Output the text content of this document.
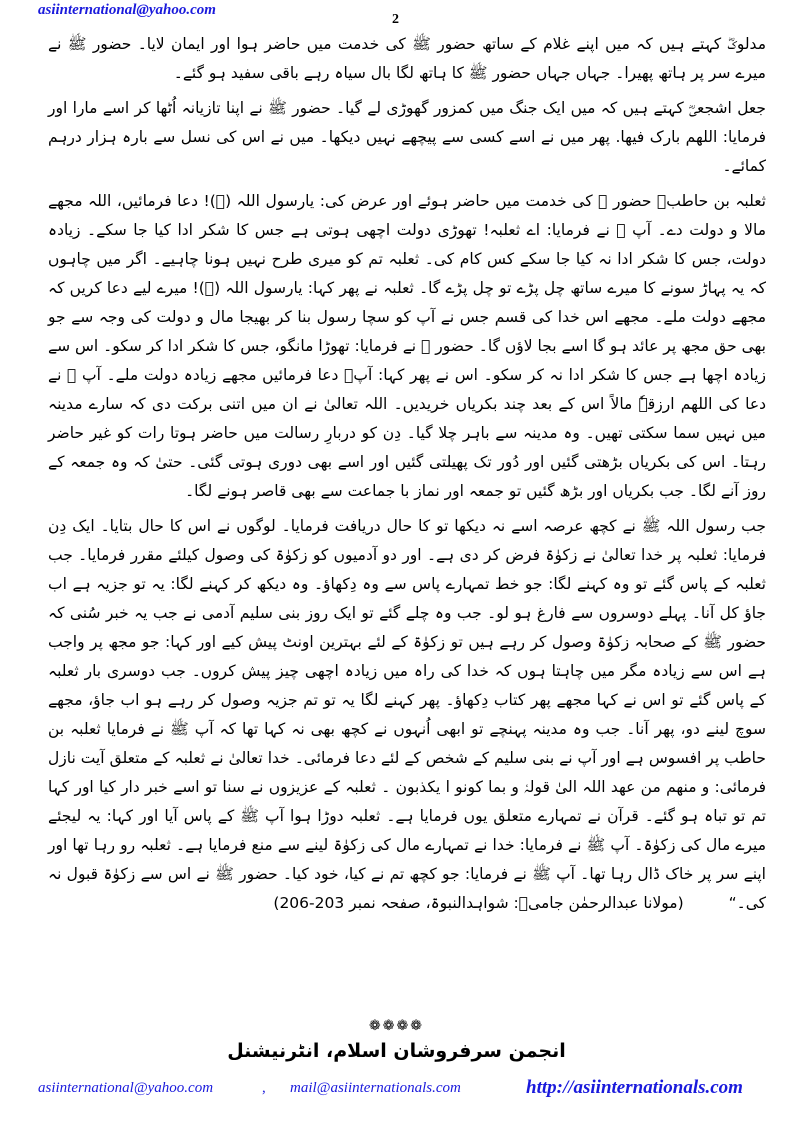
asiinternational@yahoo.com
2

مدلوکؓ کہتے ہیں کہ میں اپنے غلام کے ساتھ حضور ﷺ کی خدمت میں حاضر ہوا اور ایمان لایا۔ حضور ﷺ نے میرے سر پر ہاتھ پھیرا۔ جہاں جہاں حضور ﷺ کا ہاتھ لگا بال سیاہ رہے باقی سفید ہو گئے۔

جعل اشجعیؓ کہتے ہیں کہ میں ایک جنگ میں کمزور گھوڑی لے گیا۔ حضور ﷺ نے اپنا تازیانہ اُٹھا کر اسے مارا اور فرمایا: اللھم بارک فیھا. پھر میں نے اسے کسی سے پیچھے نہیں دیکھا۔ میں نے اس کی نسل سے بارہ ہزار درہم کمائے۔

ثعلبہ بن حاطبؓ حضور ﷺ کی خدمت میں حاضر ہوئے اور عرض کی: یارسول اللہ (ﷺ)! دعا فرمائیں، اللہ مجھے مالا و دولت دے۔ آپ ﷺ نے فرمایا: اے ثعلبہ! تھوڑی دولت اچھی ہوتی ہے جس کا شکر ادا کیا جا سکے۔ زیادہ دولت، جس کا شکر ادا نہ کیا جا سکے کس کام کی۔ ثعلبہ تم کو میری طرح نہیں ہونا چاہیے۔ اگر میں چاہوں کہ یہ پہاڑ سونے کا میرے ساتھ چل پڑے تو چل پڑے گا۔ ثعلبہ نے پھر کہا: یارسول اللہ (ﷺ)! میرے لیے دعا کریں کہ مجھے دولت ملے۔ مجھے اس خدا کی قسم جس نے آپ کو سچا رسول بنا کر بھیجا مال و دولت کی وجہ سے جو بھی حق مجھ پر عائد ہو گا اسے بجا لاؤں گا۔ حضور ﷺ نے فرمایا: تھوڑا مانگو، جس کا شکر ادا کر سکو۔ اس سے زیادہ اچھا ہے جس کا شکر ادا نہ کر سکو۔ اس نے پھر کہا: آپؐ دعا فرمائیں مجھے زیادہ دولت ملے۔ آپ ﷺ نے دعا کی اللھم ارزقہٗ مالاً اس کے بعد چند بکریاں خریدیں۔ اللہ تعالیٰ نے ان میں اتنی برکت دی کہ سارے مدینہ میں نہیں سما سکتی تھیں۔ وہ مدینہ سے باہر چلا گیا۔ دِن کو دربارِ رسالت میں حاضر ہوتا رات کو غیر حاضر رہتا۔ اس کی بکریاں بڑھتی گئیں اور دُور تک پھیلتی گئیں اور اسے بھی دوری ہوتی گئی۔ حتیٰ کہ وہ جمعہ کے روز آنے لگا۔ جب بکریاں اور بڑھ گئیں تو جمعہ اور نماز با جماعت سے بھی قاصر ہونے لگا۔

جب رسول اللہ ﷺ نے کچھ عرصہ اسے نہ دیکھا تو کا حال دریافت فرمایا۔ لوگوں نے اس کا حال بتایا۔ ایک دِن فرمایا: ثعلبہ پر خدا تعالیٰ نے زکوٰۃ فرض کر دی ہے۔ اور دو آدمیوں کو زکوٰۃ کی وصول کیلئے مقرر فرمایا۔ جب ثعلبہ کے پاس گئے تو وہ کہنے لگا: جو خط تمہارے پاس سے وہ دِکھاؤ۔ وہ دیکھ کر کہنے لگا: یہ تو جزیہ ہے اب جاؤ کل آنا۔ پہلے دوسروں سے فارغ ہو لو۔ جب وہ چلے گئے تو ایک روز بنی سلیم آدمی نے جب یہ خبر سُنی کہ حضور ﷺ کے صحابہ زکوٰۃ وصول کر رہے ہیں تو زکوٰۃ کے لئے بہترین اونٹ پیش کیے اور کہا: جو مجھ پر واجب ہے اس سے زیادہ مگر میں چاہتا ہوں کہ خدا کی راہ میں زیادہ اچھی چیز پیش کروں۔ جب دوسری بار ثعلبہ کے پاس گئے تو اس نے کہا مجھے پھر کتاب دِکھاؤ۔ پھر کہنے لگا یہ تو تم جزیہ وصول کر رہے ہو اب جاؤ، مجھے سوچ لینے دو، پھر آنا۔ جب وہ مدینہ پہنچے تو ابھی اُنہوں نے کچھ بھی نہ کہا تھا کہ آپ ﷺ نے فرمایا ثعلبہ بن حاطب پر افسوس ہے اور آپ نے بنی سلیم کے شخص کے لئے دعا فرمائی۔ خدا تعالیٰ نے ثعلبہ کے متعلق آیت نازل فرمائی: و منھم من عھد اللہ الیٰ قولہٗ و بما کونو ا یکذبون ۔ ثعلبہ کے عزیزوں نے سنا تو اسے خبر دار کیا اور کہا تم تو تباہ ہو گئے۔ قرآن نے تمہارے متعلق یوں فرمایا ہے۔ ثعلبہ دوڑا ہوا آپ ﷺ کے پاس آیا اور کہا: یہ لیجئے میرے مال کی زکوٰۃ۔ آپ ﷺ نے فرمایا: خدا نے تمہارے مال کی زکوٰۃ لینے سے منع فرمایا ہے۔ ثعلبہ رو رہا تھا اور اپنے سر پر خاک ڈال رہا تھا۔ آپ ﷺ نے فرمایا: جو کچھ تم نے کیا، خود کیا۔ حضور ﷺ نے اس سے زکوٰۃ قبول نہ کی۔“ (مولانا عبدالرحمٰن جامیؒ: شواہدالنبوۃ، صفحہ نمبر 203-206)

❁❁❁❁
انجمن سرفروشان اسلام، انٹرنیشنل
asiinternational@yahoo.com	, mail@asiinternationals.com	http://asiinternationals.com
